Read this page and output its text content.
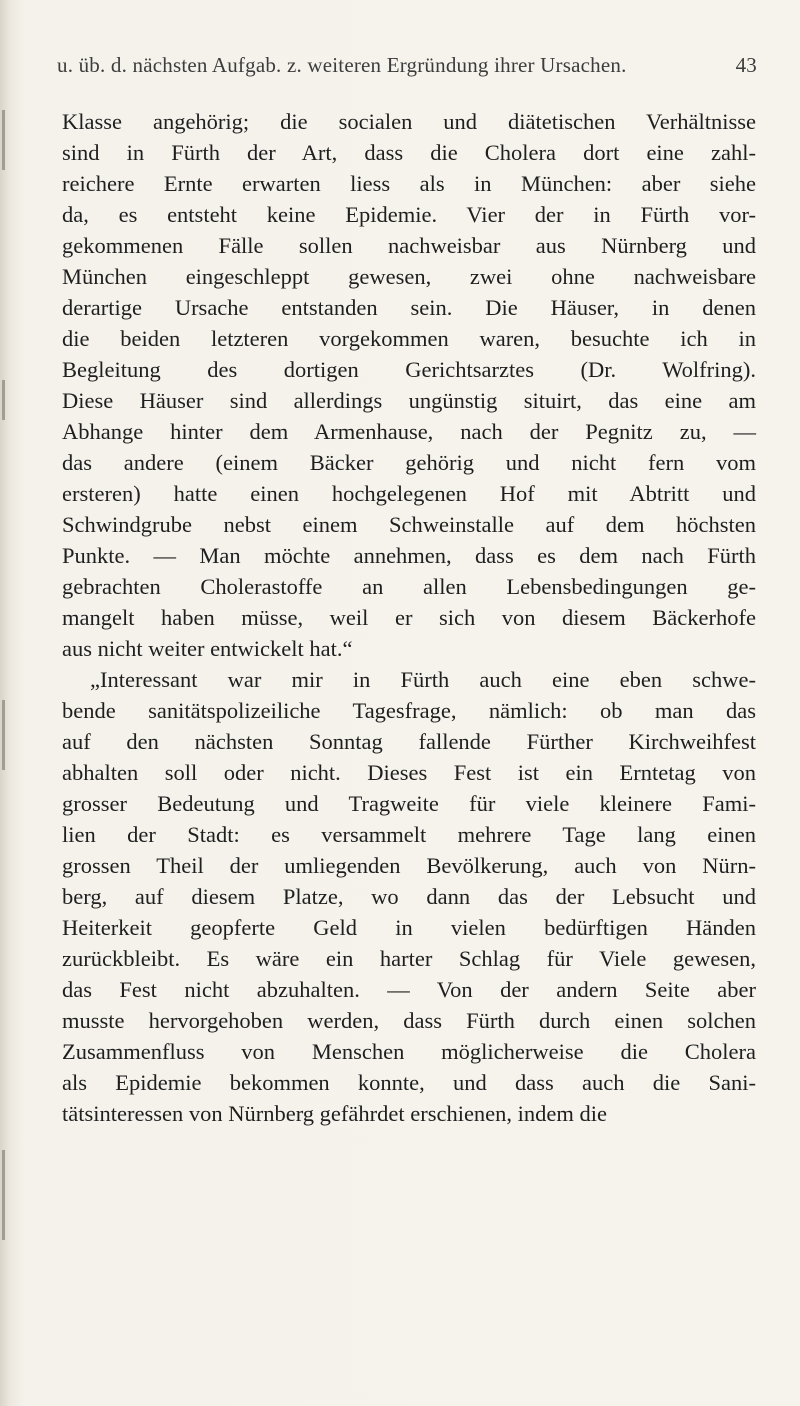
u. üb. d. nächsten Aufgab. z. weiteren Ergründung ihrer Ursachen.	43
Klasse angehörig; die socialen und diätetischen Verhältnisse
sind in Fürth der Art, dass die Cholera dort eine zahl-
reichere Ernte erwarten liess als in München: aber siehe
da, es entsteht keine Epidemie. Vier der in Fürth vor-
gekommenen Fälle sollen nachweisbar aus Nürnberg und
München eingeschleppt gewesen, zwei ohne nachweisbare
derartige Ursache entstanden sein. Die Häuser, in denen
die beiden letzteren vorgekommen waren, besuchte ich in
Begleitung des dortigen Gerichtsarztes (Dr. Wolfring).
Diese Häuser sind allerdings ungünstig situirt, das eine am
Abhange hinter dem Armenhause, nach der Pegnitz zu, —
das andere (einem Bäcker gehörig und nicht fern vom
ersteren) hatte einen hochgelegenen Hof mit Abtritt und
Schwindgrube nebst einem Schweinstalle auf dem höchsten
Punkte. — Man möchte annehmen, dass es dem nach Fürth
gebrachten Cholerastoffe an allen Lebensbedingungen ge-
mangelt haben müsse, weil er sich von diesem Bäckerhofe
aus nicht weiter entwickelt hat.“
„Interessant war mir in Fürth auch eine eben schwe-
bende sanitätspolizeiliche Tagesfrage, nämlich: ob man das
auf den nächsten Sonntag fallende Fürther Kirchweihfest
abhalten soll oder nicht. Dieses Fest ist ein Erntetag von
grosser Bedeutung und Tragweite für viele kleinere Fami-
lien der Stadt: es versammelt mehrere Tage lang einen
grossen Theil der umliegenden Bevölkerung, auch von Nürn-
berg, auf diesem Platze, wo dann das der Lebsucht und
Heiterkeit geopferte Geld in vielen bedürftigen Händen
zurückbleibt. Es wäre ein harter Schlag für Viele gewesen,
das Fest nicht abzuhalten. — Von der andern Seite aber
musste hervorgehoben werden, dass Fürth durch einen solchen
Zusammenfluss von Menschen möglicherweise die Cholera
als Epidemie bekommen konnte, und dass auch die Sani-
tätsinteressen von Nürnberg gefährdet erschienen, indem die
